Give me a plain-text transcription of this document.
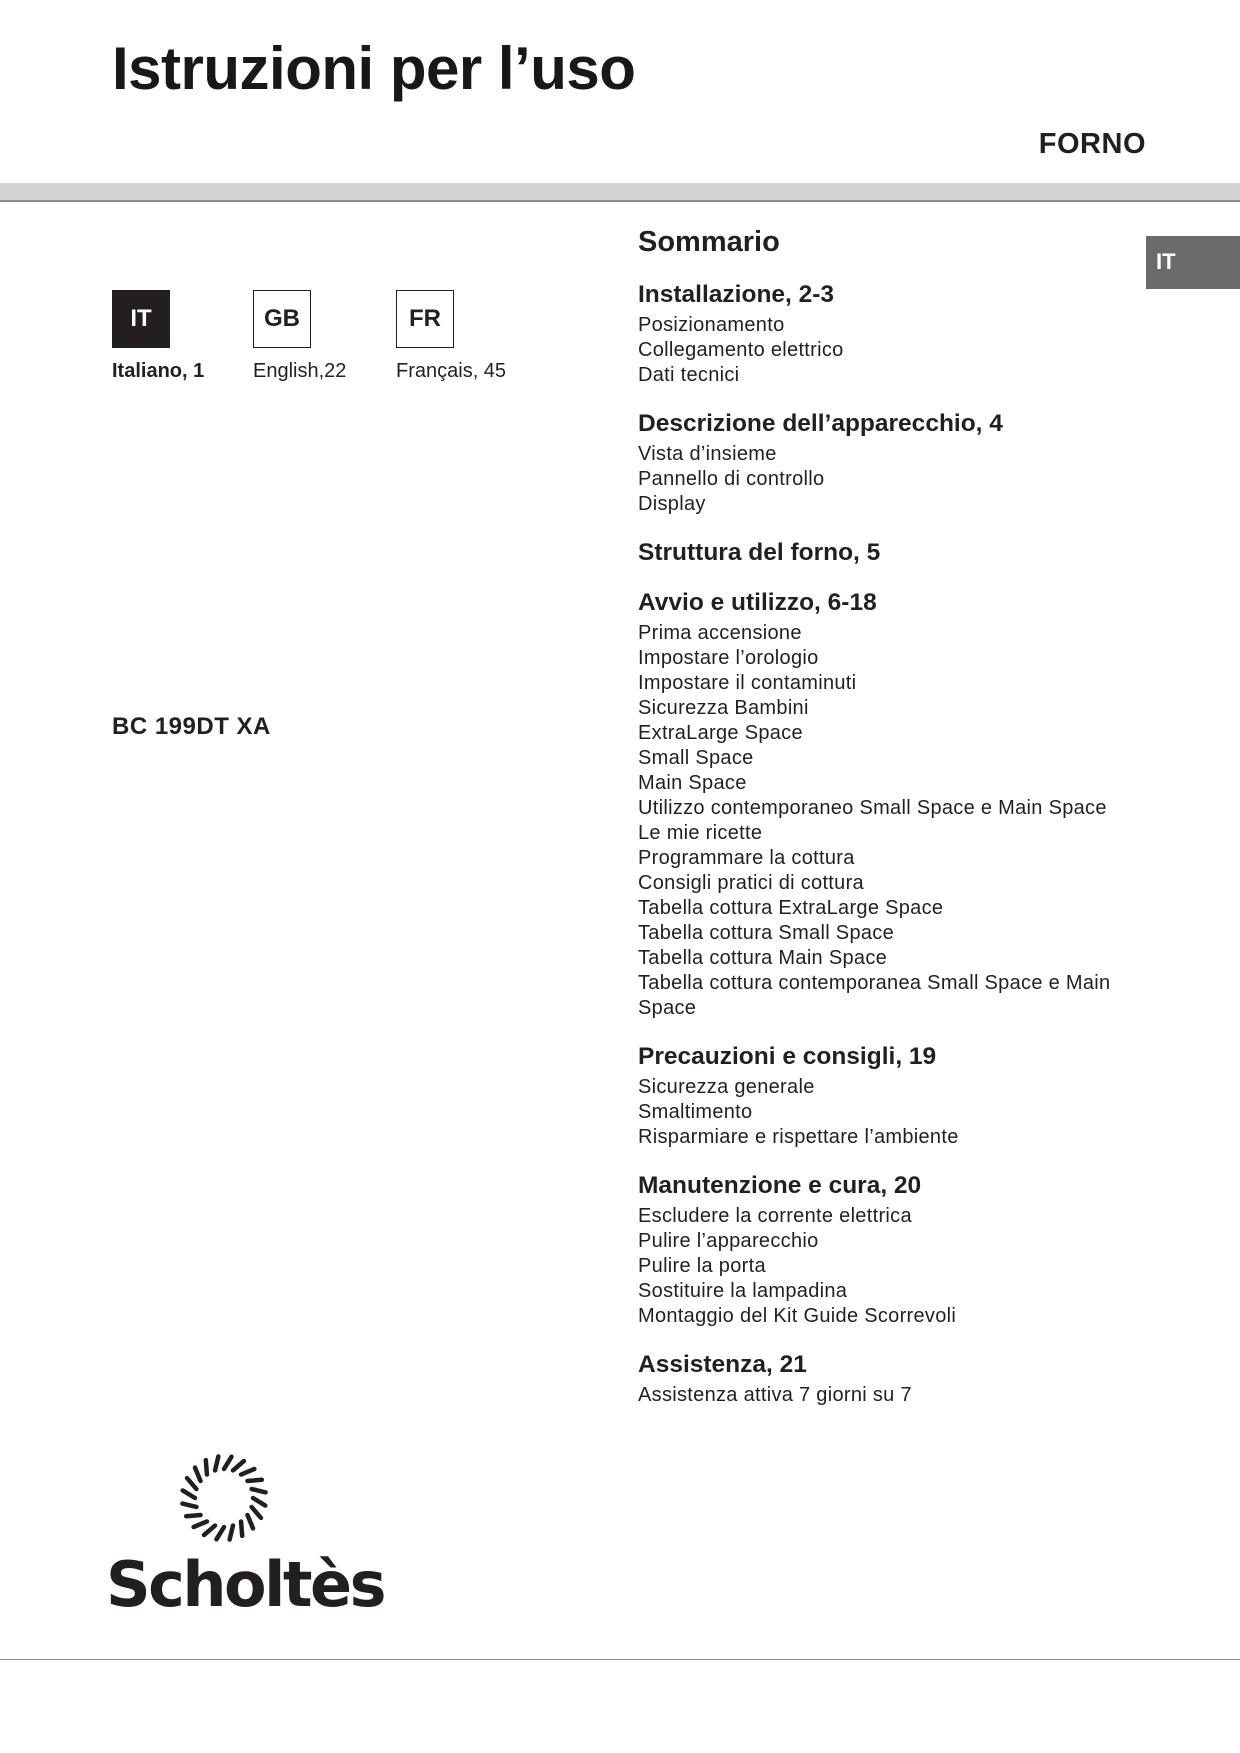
Istruzioni per l’uso
FORNO
IT
IT
Italiano, 1
GB
English,22
FR
Français, 45
BC 199DT XA
Sommario
Installazione, 2-3
Posizionamento
Collegamento elettrico
Dati tecnici
Descrizione dell’apparecchio, 4
Vista d’insieme
Pannello di controllo
Display
Struttura del forno, 5
Avvio e utilizzo, 6-18
Prima accensione
Impostare l’orologio
Impostare il contaminuti
Sicurezza Bambini
ExtraLarge Space
Small Space
Main Space
Utilizzo contemporaneo Small Space e Main Space
Le mie ricette
Programmare la cottura
Consigli pratici di cottura
Tabella cottura ExtraLarge Space
Tabella cottura Small Space
Tabella cottura Main Space
Tabella cottura contemporanea Small Space e Main Space
Precauzioni e consigli, 19
Sicurezza generale
Smaltimento
Risparmiare e rispettare l’ambiente
Manutenzione e cura, 20
Escludere la corrente elettrica
Pulire l’apparecchio
Pulire la porta
Sostituire la lampadina
Montaggio del Kit Guide Scorrevoli
Assistenza, 21
Assistenza attiva 7 giorni su 7
Scholtès
